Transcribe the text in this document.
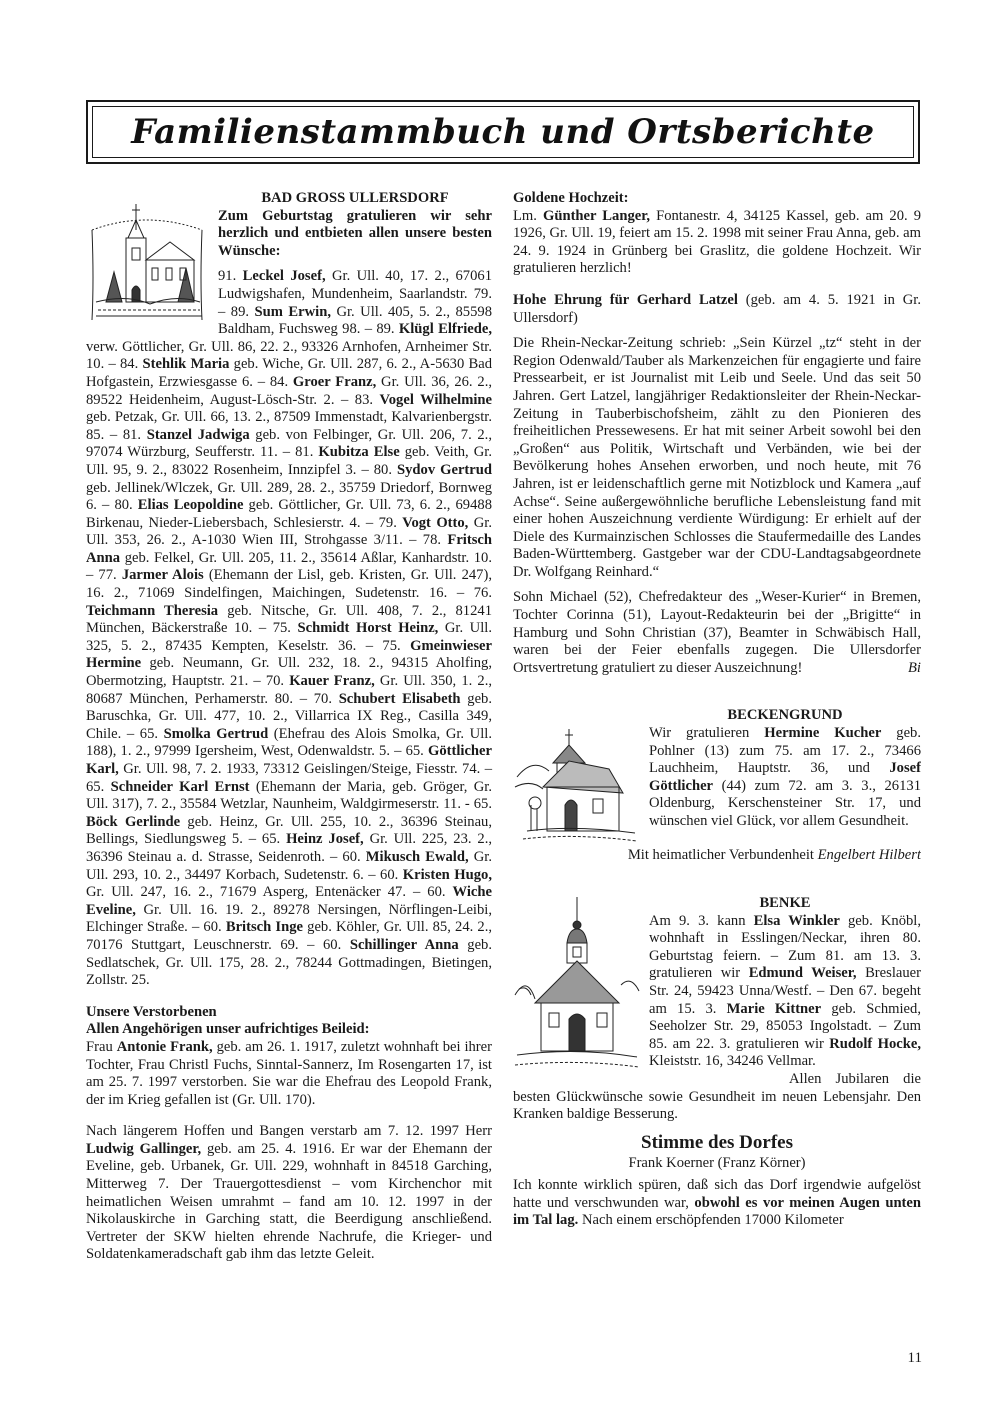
Familienstammbuch und Ortsberichte

BAD GROSS ULLERSDORF

Zum Geburtstag gratulieren wir sehr herzlich und entbieten allen unsere besten Wünsche:

91. Leckel Josef, Gr. Ull. 40, 17. 2., 67061 Ludwigshafen, Mundenheim, Saarlandstr. 79. – 89. Sum Erwin, Gr. Ull. 405, 5. 2., 85598 Baldham, Fuchsweg 98. – 89. Klügl Elfriede, verw. Göttlicher, Gr. Ull. 86, 22. 2., 93326 Arnhofen, Arnheimer Str. 10. – 84. Stehlik Maria geb. Wiche, Gr. Ull. 287, 6. 2., A-5630 Bad Hofgastein, Erzwiesgasse 6. – 84. Groer Franz, Gr. Ull. 36, 26. 2., 89522 Heidenheim, August-Lösch-Str. 2. – 83. Vogel Wilhelmine geb. Petzak, Gr. Ull. 66, 13. 2., 87509 Immenstadt, Kalvarienbergstr. 85. – 81. Stanzel Jadwiga geb. von Felbinger, Gr. Ull. 206, 7. 2., 97074 Würzburg, Seufferstr. 11. – 81. Kubitza Else geb. Veith, Gr. Ull. 95, 9. 2., 83022 Rosenheim, Innzipfel 3. – 80. Sydov Gertrud geb. Jellinek/Wlczek, Gr. Ull. 289, 28. 2., 35759 Driedorf, Bornweg 6. – 80. Elias Leopoldine geb. Göttlicher, Gr. Ull. 73, 6. 2., 69488 Birkenau, Nieder-Liebersbach, Schlesierstr. 4. – 79. Vogt Otto, Gr. Ull. 353, 26. 2., A-1030 Wien III, Strohgasse 3/11. – 78. Fritsch Anna geb. Felkel, Gr. Ull. 205, 11. 2., 35614 Aßlar, Kanhardstr. 10. – 77. Jarmer Alois (Ehemann der Lisl, geb. Kristen, Gr. Ull. 247), 16. 2., 71069 Sindelfingen, Maichingen, Sudetenstr. 16. – 76. Teichmann Theresia geb. Nitsche, Gr. Ull. 408, 7. 2., 81241 München, Bäckerstraße 10. – 75. Schmidt Horst Heinz, Gr. Ull. 325, 5. 2., 87435 Kempten, Keselstr. 36. – 75. Gmeinwieser Hermine geb. Neumann, Gr. Ull. 232, 18. 2., 94315 Aholfing, Obermotzing, Hauptstr. 21. – 70. Kauer Franz, Gr. Ull. 350, 1. 2., 80687 München, Perhamerstr. 80. – 70. Schubert Elisabeth geb. Baruschka, Gr. Ull. 477, 10. 2., Villarrica IX Reg., Casilla 349, Chile. – 65. Smolka Gertrud (Ehefrau des Alois Smolka, Gr. Ull. 188), 1. 2., 97999 Igersheim, West, Odenwaldstr. 5. – 65. Göttlicher Karl, Gr. Ull. 98, 7. 2. 1933, 73312 Geislingen/Steige, Fiesstr. 74. – 65. Schneider Karl Ernst (Ehemann der Maria, geb. Gröger, Gr. Ull. 317), 7. 2., 35584 Wetzlar, Naunheim, Waldgirmeserstr. 11. - 65. Böck Gerlinde geb. Heinz, Gr. Ull. 255, 10. 2., 36396 Steinau, Bellings, Siedlungsweg 5. – 65. Heinz Josef, Gr. Ull. 225, 23. 2., 36396 Steinau a. d. Strasse, Seidenroth. – 60. Mikusch Ewald, Gr. Ull. 293, 10. 2., 34497 Korbach, Sudetenstr. 6. – 60. Kristen Hugo, Gr. Ull. 247, 16. 2., 71679 Asperg, Entenäcker 47. – 60. Wiche Eveline, Gr. Ull. 16. 19. 2., 89278 Nersingen, Nörflingen-Leibi, Elchinger Straße. – 60. Britsch Inge geb. Köhler, Gr. Ull. 85, 24. 2., 70176 Stuttgart, Leuschnerstr. 69. – 60. Schillinger Anna geb. Sedlatschek, Gr. Ull. 175, 28. 2., 78244 Gottmadingen, Bietingen, Zollstr. 25.

Unsere Verstorbenen

Allen Angehörigen unser aufrichtiges Beileid:

Frau Antonie Frank, geb. am 26. 1. 1917, zuletzt wohnhaft bei ihrer Tochter, Frau Christl Fuchs, Sinntal-Sannerz, Im Rosengarten 17, ist am 25. 7. 1997 verstorben. Sie war die Ehefrau des Leopold Frank, der im Krieg gefallen ist (Gr. Ull. 170).

Nach längerem Hoffen und Bangen verstarb am 7. 12. 1997 Herr Ludwig Gallinger, geb. am 25. 4. 1916. Er war der Ehemann der Eveline, geb. Urbanek, Gr. Ull. 229, wohnhaft in 84518 Garching, Mitterweg 7. Der Trauergottesdienst – vom Kirchenchor mit heimatlichen Weisen umrahmt – fand am 10. 12. 1997 in der Nikolauskirche in Garching statt, die Beerdigung anschließend. Vertreter der SKW hielten ehrende Nachrufe, die Krieger- und Soldatenkameradschaft gab ihm das letzte Geleit.

Goldene Hochzeit:

Lm. Günther Langer, Fontanestr. 4, 34125 Kassel, geb. am 20. 9 1926, Gr. Ull. 19, feiert am 15. 2. 1998 mit seiner Frau Anna, geb. am 24. 9. 1924 in Grünberg bei Graslitz, die goldene Hochzeit. Wir gratulieren herzlich!

Hohe Ehrung für Gerhard Latzel (geb. am 4. 5. 1921 in Gr. Ullersdorf)

Die Rhein-Neckar-Zeitung schrieb: „Sein Kürzel „tz“ steht in der Region Odenwald/Tauber als Markenzeichen für engagierte und faire Pressearbeit, er ist Journalist mit Leib und Seele. Und das seit 50 Jahren. Gert Latzel, langjähriger Redaktionsleiter der Rhein-Neckar-Zeitung in Tauberbischofsheim, zählt zu den Pionieren des freiheitlichen Pressewesens. Er hat mit seiner Arbeit sowohl bei den „Großen“ aus Politik, Wirtschaft und Verbänden, wie bei der Bevölkerung hohes Ansehen erworben, und noch heute, mit 76 Jahren, ist er leidenschaftlich gerne mit Notizblock und Kamera „auf Achse“. Seine außergewöhnliche berufliche Lebensleistung fand mit einer hohen Auszeichnung verdiente Würdigung: Er erhielt auf der Diele des Kurmainzischen Schlosses die Staufermedaille des Landes Baden-Württemberg. Gastgeber war der CDU-Landtagsabgeordnete Dr. Wolfgang Reinhard.“

Sohn Michael (52), Chefredakteur des „Weser-Kurier“ in Bremen, Tochter Corinna (51), Layout-Redakteurin bei der „Brigitte“ in Hamburg und Sohn Christian (37), Beamter in Schwäbisch Hall, waren bei der Feier ebenfalls zugegen. Die Ullersdorfer Ortsvertretung gratuliert zu dieser Auszeichnung!	Bi

BECKENGRUND

Wir gratulieren Hermine Kucher geb. Pohlner (13) zum 75. am 17. 2., 73466 Lauchheim, Hauptstr. 36, und Josef Göttlicher (44) zum 72. am 3. 3., 26131 Oldenburg, Kerschensteiner Str. 17, und wünschen viel Glück, vor allem Gesundheit.

Mit heimatlicher Verbundenheit Engelbert Hilbert

BENKE

Am 9. 3. kann Elsa Winkler geb. Knöbl, wohnhaft in Esslingen/Neckar, ihren 80. Geburtstag feiern. – Zum 81. am 13. 3. gratulieren wir Edmund Weiser, Breslauer Str. 24, 59423 Unna/Westf. – Den 67. begeht am 15. 3. Marie Kittner geb. Schmied, Seeholzer Str. 29, 85053 Ingolstadt. – Zum 85. am 22. 3. gratulieren wir Rudolf Hocke, Kleiststr. 16, 34246 Vellmar.

Allen Jubilaren die besten Glückwünsche sowie Gesundheit im neuen Lebensjahr. Den Kranken baldige Besserung.

Stimme des Dorfes

Frank Koerner (Franz Körner)

Ich konnte wirklich spüren, daß sich das Dorf irgendwie aufgelöst hatte und verschwunden war, obwohl es vor meinen Augen unten im Tal lag. Nach einem erschöpfenden 17000 Kilometer

11
